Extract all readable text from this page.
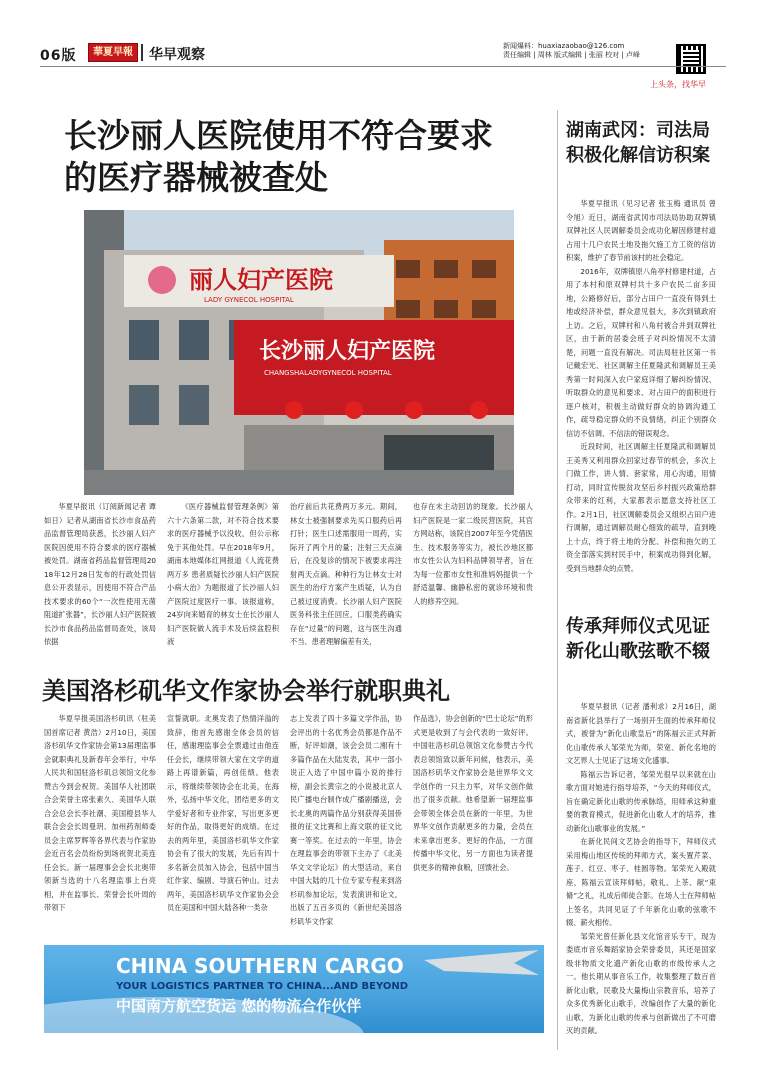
06版	華夏早報	华早观察
新闻爆料：huaxiazaobao@126.com
责任编辑 | 周林 版式编辑 | 张丽 校对 | 卢峰
上头条，找华早
长沙丽人医院使用不符合要求
的医疗器械被查处
丽人妇产医院
LADY GYNECOL HOSPITAL
长沙丽人妇产医院
CHANGSHALADYGYNECOL HOSPITAL

华夏早报讯（订阅新闻记者 谭如日）记者从湖南省长沙市食品药品监督管理局获悉，长沙丽人妇产医院因使用不符合要求的医疗器械被处罚。湖南省药品监督管理局2018年12月28日发布的行政处罚信息公开表显示，因使用不符合产品技术要求的60个“一次性使用无菌阻道扩张器”，长沙丽人妇产医院被长沙市食品药品监督局查处，该局依据

《医疗器械监督管理条例》第六十六条第二款，对不符合技术要求的医疗器械予以没收，但公示称免于其他处罚。早在2018年9月，湖南本地媒体红网报道《人流花费两万多 患者质疑长沙丽人妇产医院小病大治》为题报道了长沙丽人妇产医院过度医疗一事。该报道称，24岁向来婚育的林女士在长沙丽人妇产医院做人流手术及后续盆腔积液

治疗前后共花费两万多元。期间，林女士被强制要求先买口服药后再打针；医生口述需服用一周药，实际开了两个月的量；注射三天点滴后，在没复诊的情况下被要求再注射两天点滴。种种行为让林女士对医生的治疗方案产生质疑，认为自己被过度消费。长沙丽人妇产医院医务科张主任回应，口服类药确实存在“过量”的问题，这与医生沟通不当、患者理解偏差有关，

也存在未主动回访的现象。长沙丽人妇产医院是一家二级民营医院，其官方网站称，该院自2007年至今凭借医生、技术服务等实力，被长沙地区都市女性公认为妇科品牌领导者，旨在为每一位都市女性和准妈妈提供一个舒适温馨、幽静私密的就诊环境和贵人的修养空间。

美国洛杉矶华文作家协会举行就职典礼

华夏早报美国洛杉矶讯（驻美国首席记者 黄浩）2月10日，美国洛杉矶华文作家协会第13届理监事会就职典礼及新春年会举行，中华人民共和国驻洛杉矶总领馆文化参赞古今到会祝贺。美国华人社团联合会荣誉主席张素久、美国华人联合会总会长李社潮、美国橙县华人联合会会长周曼玥、加州药剂师委员会主席罗辉等各界代表与作家协会近百名会员纷纷到场祝贺北美连任会长。新一届理事会会长北奥带领新当选的十八名理监事上台亮相，并在监事长、荣誉会长叶周的带领下

宣誓就职。北奥发表了热情洋溢的致辞，他首先感谢全体会员的信任，感谢理监事会全票通过由他连任会长，继续带领大家在文学的道路上再谱新篇，再创佳绩。他表示，将继续带领协会在北美，在海外，弘扬中华文化，团结更多的文学爱好者和专业作家，写出更多更好的作品，取得更好的成绩。在过去的两年里，美国洛杉矶华文作家协会有了很大的发展，先后有四十多名新会员加入协会，包括中国当红作家、编剧、导演石钟山。过去两年，美国洛杉矶华文作家协会会员在美国和中国大陆各种一类杂

志上发表了四十多篇文学作品，协会评出的十名优秀会员都是作品不断，好评如潮，该会会员二湘有十多篇作品在大陆发表，其中一部小说正入选了中国中篇小说的排行榜，副会长黄宗之的小说被北京人民广播电台制作成广播剧播送，会长北奥的两篇作品分别获得美国侨报的征文比赛和上海文联的征文比赛一等奖。在过去的一年里，协会在理监事会的带领下主办了《北美华文文学论坛》的大型活动，来自中国大陆的几十位专家专程来到洛杉矶参加论坛，发表演讲和论文，出版了五百多页的《新世纪美国洛杉矶华文作家

作品选》，协会创新的“巴士论坛”的形式更是收到了与会代表的一致好评。中国驻洛杉矶总领馆文化参赞古今代表总领馆致以新年问候，他表示，美国洛杉矶华文作家协会是世界华文文学创作的一只主力军，对华文创作做出了很多贡献。他希望新一届理监事会带领全体会员在新的一年里，为世界华文创作贡献更多的力量，会员在未来拿出更多、更好的作品，一方面传播中华文化，另一方面也为读者提供更多的精神食粮，回馈社会。

CHINA SOUTHERN CARGO
YOUR LOGISTICS PARTNER TO CHINA...AND BEYOND
中国南方航空货运 您的物流合作伙伴
湖南武冈：司法局积极化解信访积案

华夏早报讯（见习记者 张玉梅 通讯员 曾令旭）近日，湖南省武冈市司法局协助双牌镇双牌社区人民调解委员会成功化解因修建村道占用十几户农民土地及拖欠施工方工资的信访积案，维护了春节前该村的社会稳定。

2016年，双牌镇原八角亭村修建村道，占用了本村和原双牌村共十多户农民二亩多田地，公路修好后，部分占田户一直没有得到土地或经济补偿，群众意见很大，多次到镇政府上访。之后，双牌村和八角村被合并到双牌社区，由于新的居委会班子对纠纷情况不太清楚，问题一直没有解决。司法局驻社区第一书记戴宏光、社区调解主任夏隆武和调解员王美秀第一时间深入农户家庭详细了解纠纷情况、听取群众的意见和要求、对占田户的面积进行逐户核对，积极主动做好群众的协调沟通工作，疏导稳定群众的不良情绪，纠正个别群众信访不信调、不信法的错误观念。

近段时间，社区调解主任夏隆武和调解员王美秀又利用群众回家过春节的机会，多次上门做工作，讲人情、套家常，用心沟通，用情打动，同时宣传脱贫攻坚后乡村振兴政策给群众带来的红利，大家都表示愿意支持社区工作。2月1日，社区调解委员会又组织占田户进行调解，通过调解员耐心细致的疏导，直到晚上十点，终于将土地的分配、补偿和拖欠的工资全部落实到村民手中，积案成功得到化解，受到当地群众的点赞。

传承拜师仪式见证新化山歌弦歌不辍

华夏早报讯（记者 潘利求）2月16日，湖南省新化县举行了一场别开生面的传承拜师仪式，被誉为“新化山歌皇后”的陈福云正式拜新化山歌传承人邹荣光为师，荣宽、新化名地的文艺界人士见证了这场文化盛事。

陈福云告诉记者，邹荣光很早以来就在山歌方面对她进行指导培养，“今天的拜师仪式，旨在确定新化山歌的传承脉络，用师承这种重要的教育模式，促进新化山歌人才的培养，推动新化山歌事业的发展。”

在新化民间文艺协会的指导下，拜师仪式采用梅山地区传统的拜师方式，案头置芹菜、莲子、红豆、枣子、桂圆等物。邹荣光入殿就座，陈福云宣读拜师帖，敬礼、上茶、献“束脩”之礼，礼成后师徒合影。在场人士在拜师帖上签名，共同见证了千年新化山歌的弦歌不辍、薪火相传。

邹荣光曾任新化县文化馆音乐专干，现为娄底市音乐舞蹈家协会荣誉委员，其还是国家级非物质文化遗产新化山歌的市级传承人之一。他长期从事音乐工作，收集整理了数百首新化山歌，民歌及大量梅山宗教音乐，培养了众多优秀新化山歌手，改编创作了大量的新化山歌，为新化山歌的传承与创新做出了不可磨灭的贡献。
